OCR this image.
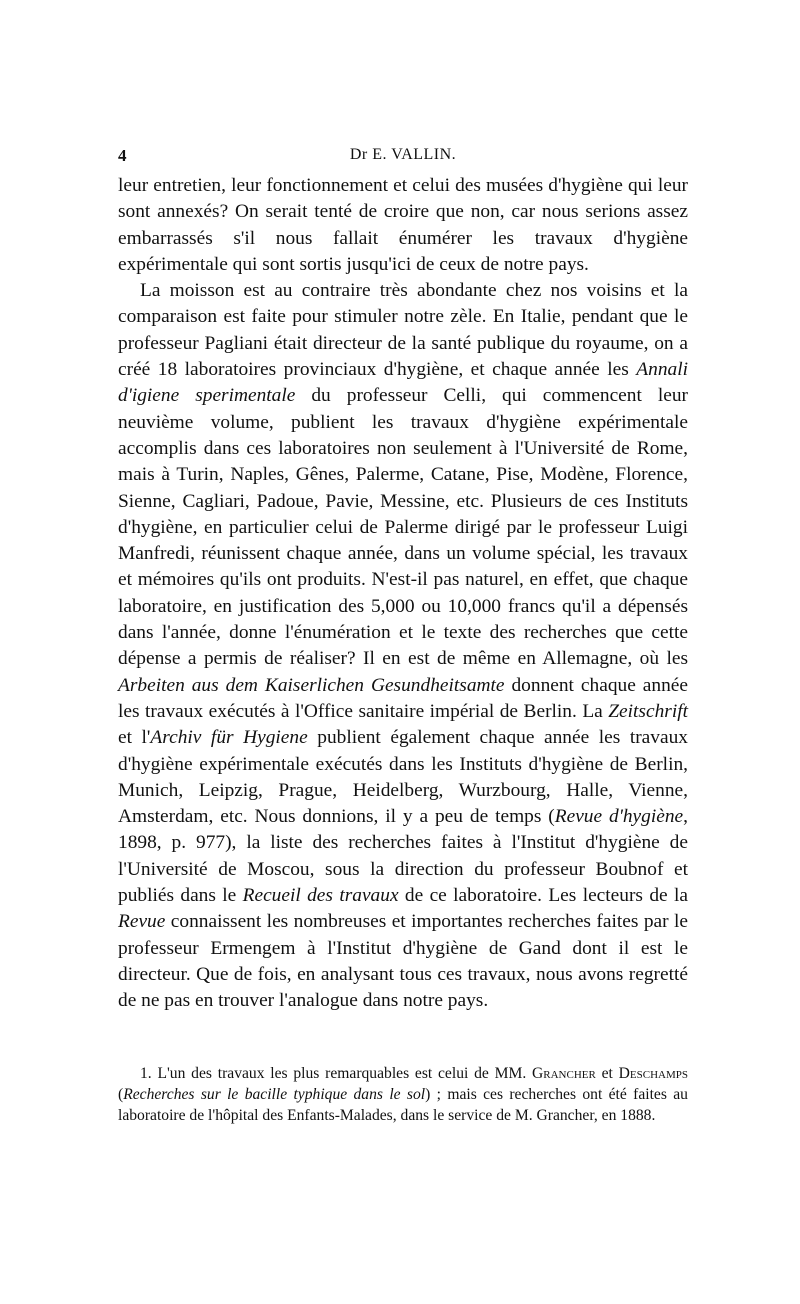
4	Dr E. VALLIN.

leur entretien, leur fonctionnement et celui des musées d'hygiène qui leur sont annexés? On serait tenté de croire que non, car nous serions assez embarrassés s'il nous fallait énumérer les travaux d'hygiène expérimentale qui sont sortis jusqu'ici de ceux de notre pays.

La moisson est au contraire très abondante chez nos voisins et la comparaison est faite pour stimuler notre zèle. En Italie, pendant que le professeur Pagliani était directeur de la santé publique du royaume, on a créé 18 laboratoires provinciaux d'hygiène, et chaque année les Annali d'igiene sperimentale du professeur Celli, qui commencent leur neuvième volume, publient les travaux d'hygiène expérimentale accomplis dans ces laboratoires non seulement à l'Université de Rome, mais à Turin, Naples, Gênes, Palerme, Catane, Pise, Modène, Florence, Sienne, Cagliari, Padoue, Pavie, Messine, etc. Plusieurs de ces Instituts d'hygiène, en particulier celui de Palerme dirigé par le professeur Luigi Manfredi, réunissent chaque année, dans un volume spécial, les travaux et mémoires qu'ils ont produits. N'est-il pas naturel, en effet, que chaque laboratoire, en justification des 5,000 ou 10,000 francs qu'il a dépensés dans l'année, donne l'énumération et le texte des recherches que cette dépense a permis de réaliser? Il en est de même en Allemagne, où les Arbeiten aus dem Kaiserlichen Gesundheitsamte donnent chaque année les travaux exécutés à l'Office sanitaire impérial de Berlin. La Zeitschrift et l'Archiv für Hygiene publient également chaque année les travaux d'hygiène expérimentale exécutés dans les Instituts d'hygiène de Berlin, Munich, Leipzig, Prague, Heidelberg, Wurzbourg, Halle, Vienne, Amsterdam, etc. Nous donnions, il y a peu de temps (Revue d'hygiène, 1898, p. 977), la liste des recherches faites à l'Institut d'hygiène de l'Université de Moscou, sous la direction du professeur Boubnof et publiés dans le Recueil des travaux de ce laboratoire. Les lecteurs de la Revue connaissent les nombreuses et importantes recherches faites par le professeur Ermengem à l'Institut d'hygiène de Gand dont il est le directeur. Que de fois, en analysant tous ces travaux, nous avons regretté de ne pas en trouver l'analogue dans notre pays.

1. L'un des travaux les plus remarquables est celui de MM. Grancher et Deschamps (Recherches sur le bacille typhique dans le sol) ; mais ces recherches ont été faites au laboratoire de l'hôpital des Enfants-Malades, dans le service de M. Grancher, en 1888.
